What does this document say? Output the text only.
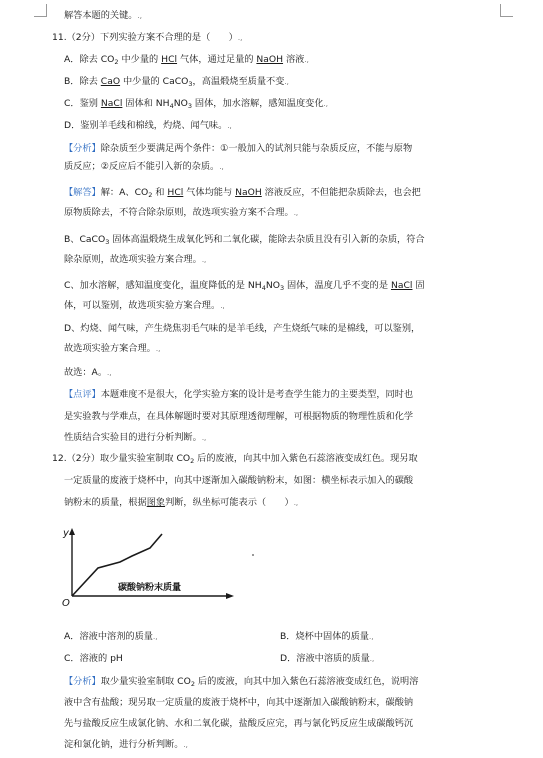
解答本题的关键。.,
11.（2分）下列实验方案不合理的是（　　）.,
A．除去 $CO_2$ 中少量的 HCl 气体，通过足量的 NaOH 溶液.,
B．除去 CaO 中少量的 CaCO$_3$，高温煅烧至质量不变.,
C．鉴别 NaCl 固体和 $NH_4NO_3$ 固体，加水溶解，感知温度变化.,
D．鉴别羊毛线和棉线，灼烧、闻气味。.,
【分析】除杂质至少要满足两个条件：①一般加入的试剂只能与杂质反应，不能与原物
质反应；②反应后不能引入新的杂质。.,
【解答】解：A、$CO_2$ 和 HCl 气体均能与 NaOH 溶液反应，不但能把杂质除去，也会把
原物质除去，不符合除杂原则，故选项实验方案不合理。.,
B、CaCO$_3$ 固体高温煅烧生成氧化钙和二氧化碳，能除去杂质且没有引入新的杂质，符合
除杂原则，故选项实验方案合理。.,
C、加水溶解，感知温度变化，温度降低的是 $NH_4NO_3$ 固体，温度几乎不变的是 NaCl 固
体，可以鉴别，故选项实验方案合理。.,
D、灼烧、闻气味，产生烧焦羽毛气味的是羊毛线，产生烧纸气味的是棉线，可以鉴别，
故选项实验方案合理。.,
故选：A。.,
【点评】本题难度不是很大，化学实验方案的设计是考查学生能力的主要类型，同时也
是实验教与学难点，在具体解题时要对其原理透彻理解，可根据物质的物理性质和化学
性质结合实验目的进行分析判断。.,
12.（2分）取少量实验室制取 $CO_2$ 后的废液，向其中加入紫色石蕊溶液变成红色。现另取
一定质量的废液于烧杯中，向其中逐渐加入碳酸钠粉末，如图：横坐标表示加入的碳酸
钠粉末的质量，根据图象判断，纵坐标可能表示（　　）.,
y
O
碳酸钠粉末质量
A．溶液中溶剂的质量.,	B．烧杯中固体的质量.,
C．溶液的 pH	D．溶液中溶质的质量.,
【分析】取少量实验室制取 $CO_2$ 后的废液，向其中加入紫色石蕊溶液变成红色，说明溶
液中含有盐酸；现另取一定质量的废液于烧杯中，向其中逐渐加入碳酸钠粉末，碳酸钠
先与盐酸反应生成氯化钠、水和二氧化碳，盐酸反应完，再与氯化钙反应生成碳酸钙沉
淀和氯化钠，进行分析判断。.,
